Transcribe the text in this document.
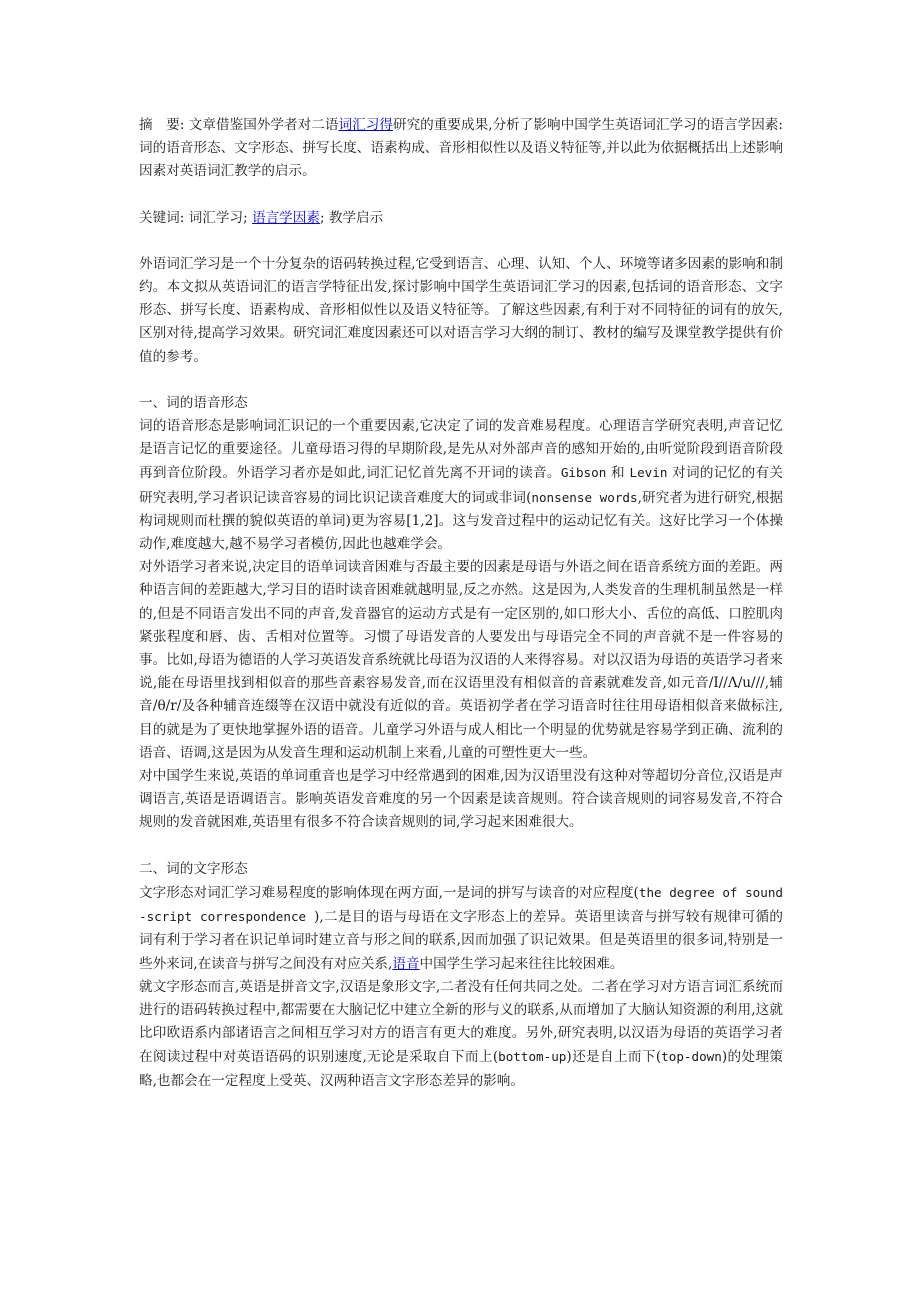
摘　要: 文章借鉴国外学者对二语词汇习得研究的重要成果,分析了影响中国学生英语词汇学习的语言学因素:词的语音形态、文字形态、拼写长度、语素构成、音形相似性以及语义特征等,并以此为依据概括出上述影响因素对英语词汇教学的启示。

关键词: 词汇学习; 语言学因素; 教学启示

外语词汇学习是一个十分复杂的语码转换过程,它受到语言、心理、认知、个人、环境等诸多因素的影响和制约。本文拟从英语词汇的语言学特征出发,探讨影响中国学生英语词汇学习的因素,包括词的语音形态、文字形态、拼写长度、语素构成、音形相似性以及语义特征等。了解这些因素,有利于对不同特征的词有的放矢,区别对待,提高学习效果。研究词汇难度因素还可以对语言学习大纲的制订、教材的编写及课堂教学提供有价值的参考。

一、词的语音形态

词的语音形态是影响词汇识记的一个重要因素,它决定了词的发音难易程度。心理语言学研究表明,声音记忆是语言记忆的重要途径。儿童母语习得的早期阶段,是先从对外部声音的感知开始的,由听觉阶段到语音阶段再到音位阶段。外语学习者亦是如此,词汇记忆首先离不开词的读音。Gibson 和 Levin 对词的记忆的有关研究表明,学习者识记读音容易的词比识记读音难度大的词或非词(nonsense words,研究者为进行研究,根据构词规则而杜撰的貌似英语的单词)更为容易[1,2]。这与发音过程中的运动记忆有关。这好比学习一个体操动作,难度越大,越不易学习者模仿,因此也越难学会。

对外语学习者来说,决定目的语单词读音困难与否最主要的因素是母语与外语之间在语音系统方面的差距。两种语言间的差距越大,学习目的语时读音困难就越明显,反之亦然。这是因为,人类发音的生理机制虽然是一样的,但是不同语言发出不同的声音,发音器官的运动方式是有一定区别的,如口形大小、舌位的高低、口腔肌肉紧张程度和唇、齿、舌相对位置等。习惯了母语发音的人要发出与母语完全不同的声音就不是一件容易的事。比如,母语为德语的人学习英语发音系统就比母语为汉语的人来得容易。对以汉语为母语的英语学习者来说,能在母语里找到相似音的那些音素容易发音,而在汉语里没有相似音的音素就难发音,如元音/I//Λ/u///,辅音/θ/r/及各种辅音连缀等在汉语中就没有近似的音。英语初学者在学习语音时往往用母语相似音来做标注,目的就是为了更快地掌握外语的语音。儿童学习外语与成人相比一个明显的优势就是容易学到正确、流利的语音、语调,这是因为从发音生理和运动机制上来看,儿童的可塑性更大一些。

对中国学生来说,英语的单词重音也是学习中经常遇到的困难,因为汉语里没有这种对等超切分音位,汉语是声调语言,英语是语调语言。影响英语发音难度的另一个因素是读音规则。符合读音规则的词容易发音,不符合规则的发音就困难,英语里有很多不符合读音规则的词,学习起来困难很大。

二、词的文字形态

文字形态对词汇学习难易程度的影响体现在两方面,一是词的拼写与读音的对应程度(the degree of sound-script correspondence ),二是目的语与母语在文字形态上的差异。英语里读音与拼写较有规律可循的词有利于学习者在识记单词时建立音与形之间的联系,因而加强了识记效果。但是英语里的很多词,特别是一些外来词,在读音与拼写之间没有对应关系,语音中国学生学习起来往往比较困难。

就文字形态而言,英语是拼音文字,汉语是象形文字,二者没有任何共同之处。二者在学习对方语言词汇系统而进行的语码转换过程中,都需要在大脑记忆中建立全新的形与义的联系,从而增加了大脑认知资源的利用,这就比印欧语系内部诸语言之间相互学习对方的语言有更大的难度。另外,研究表明,以汉语为母语的英语学习者在阅读过程中对英语语码的识别速度,无论是采取自下而上(bottom-up)还是自上而下(top-down)的处理策略,也都会在一定程度上受英、汉两种语言文字形态差异的影响。
